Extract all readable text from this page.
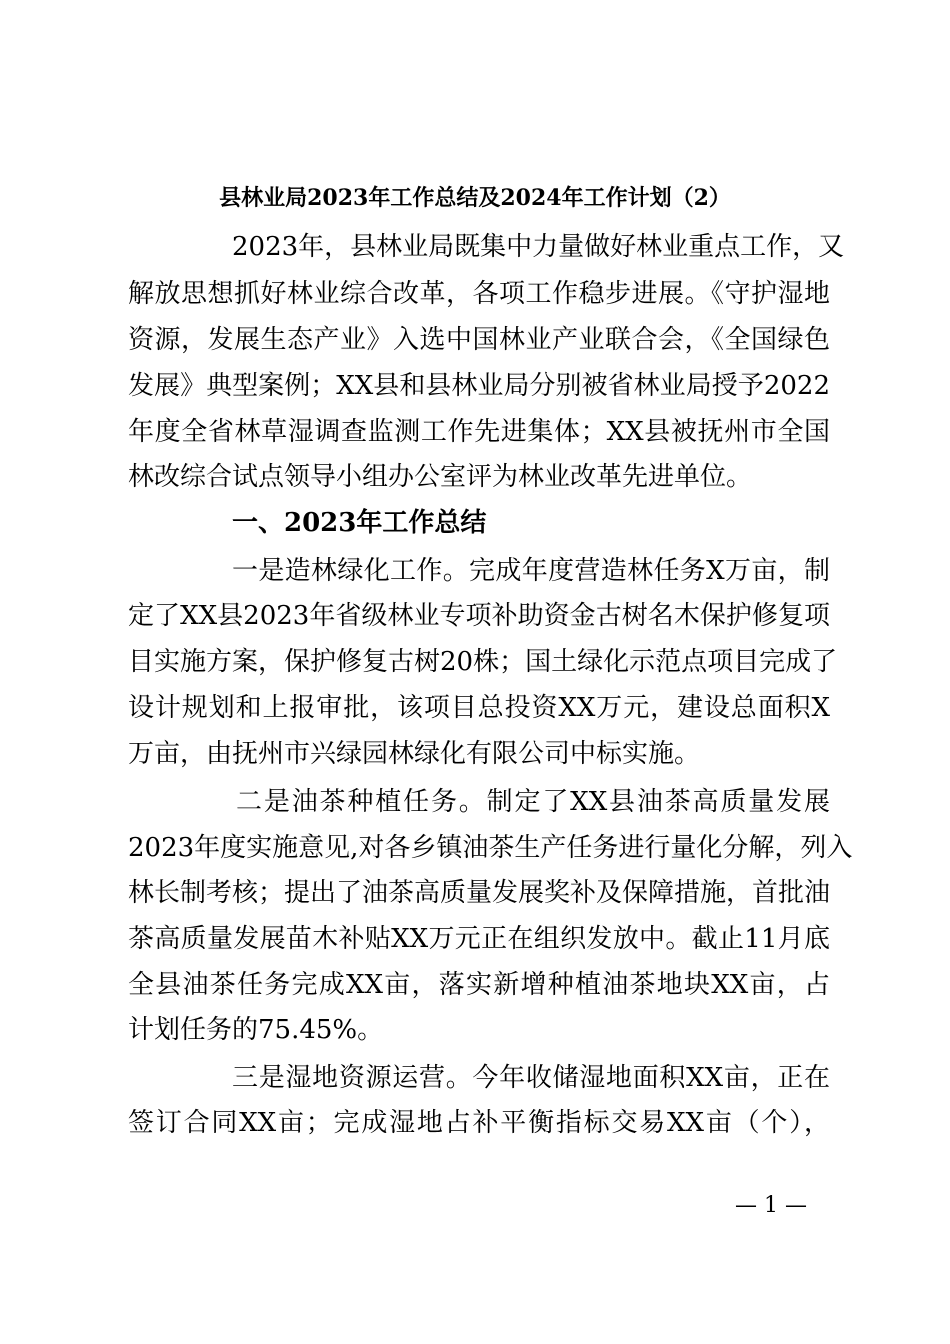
县林业局2023年工作总结及2024年工作计划（2）
2023年，县林业局既集中力量做好林业重点工作，又
解放思想抓好林业综合改革，各项工作稳步进展。《守护湿地
资源，发展生态产业》入选中国林业产业联合会，《全国绿色
发展》典型案例；XX县和县林业局分别被省林业局授予2022
年度全省林草湿调查监测工作先进集体；XX县被抚州市全国
林改综合试点领导小组办公室评为林业改革先进单位。
一、2023年工作总结
一是造林绿化工作。完成年度营造林任务X万亩，制
定了XX县2023年省级林业专项补助资金古树名木保护修复项
目实施方案，保护修复古树20株；国土绿化示范点项目完成了
设计规划和上报审批，该项目总投资XX万元，建设总面积X
万亩，由抚州市兴绿园林绿化有限公司中标实施。
二是油茶种植任务。制定了XX县油茶高质量发展
2023年度实施意见,对各乡镇油茶生产任务进行量化分解，列入
林长制考核；提出了油茶高质量发展奖补及保障措施，首批油
茶高质量发展苗木补贴XX万元正在组织发放中。截止11月底
全县油茶任务完成XX亩，落实新增种植油茶地块XX亩，占
计划任务的75.45%。
三是湿地资源运营。今年收储湿地面积XX亩，正在
签订合同XX亩；完成湿地占补平衡指标交易XX亩（个），
— 1 —
